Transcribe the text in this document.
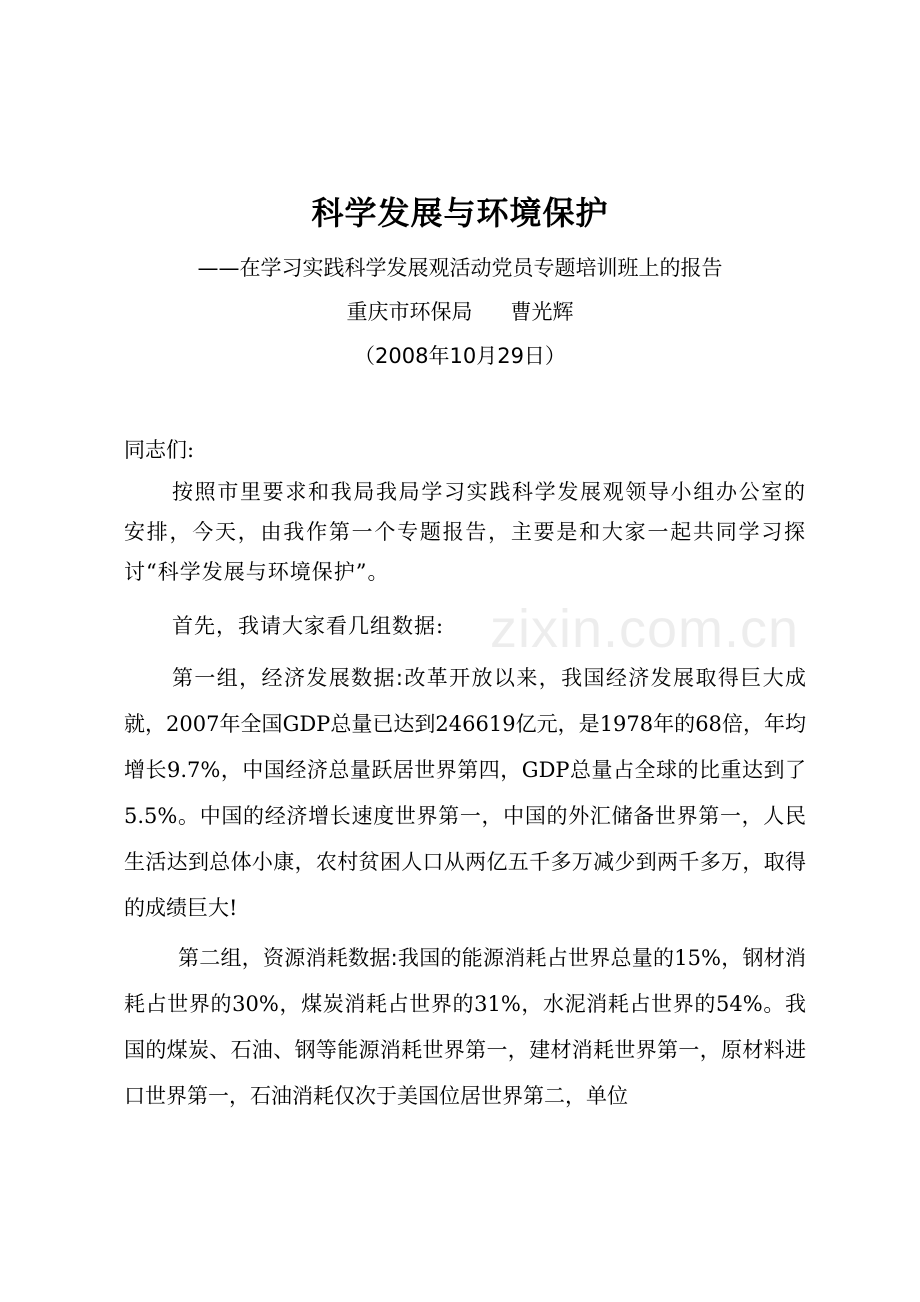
科学发展与环境保护
——在学习实践科学发展观活动党员专题培训班上的报告
重庆市环保局 曹光辉
（2008年10月29日）
同志们:

按照市里要求和我局我局学习实践科学发展观领导小组办公室的安排，今天，由我作第一个专题报告，主要是和大家一起共同学习探讨“科学发展与环境保护”。

首先，我请大家看几组数据:

第一组，经济发展数据:改革开放以来，我国经济发展取得巨大成就，2007年全国GDP总量已达到246619亿元，是1978年的68倍，年均增长9.7%，中国经济总量跃居世界第四，GDP总量占全球的比重达到了5.5%。中国的经济增长速度世界第一，中国的外汇储备世界第一，人民生活达到总体小康，农村贫困人口从两亿五千多万减少到两千多万，取得的成绩巨大!

第二组，资源消耗数据:我国的能源消耗占世界总量的15%，钢材消耗占世界的30%，煤炭消耗占世界的31%，水泥消耗占世界的54%。我国的煤炭、石油、钢等能源消耗世界第一，建材消耗世界第一，原材料进口世界第一，石油消耗仅次于美国位居世界第二，单位

zixin.com.cn
